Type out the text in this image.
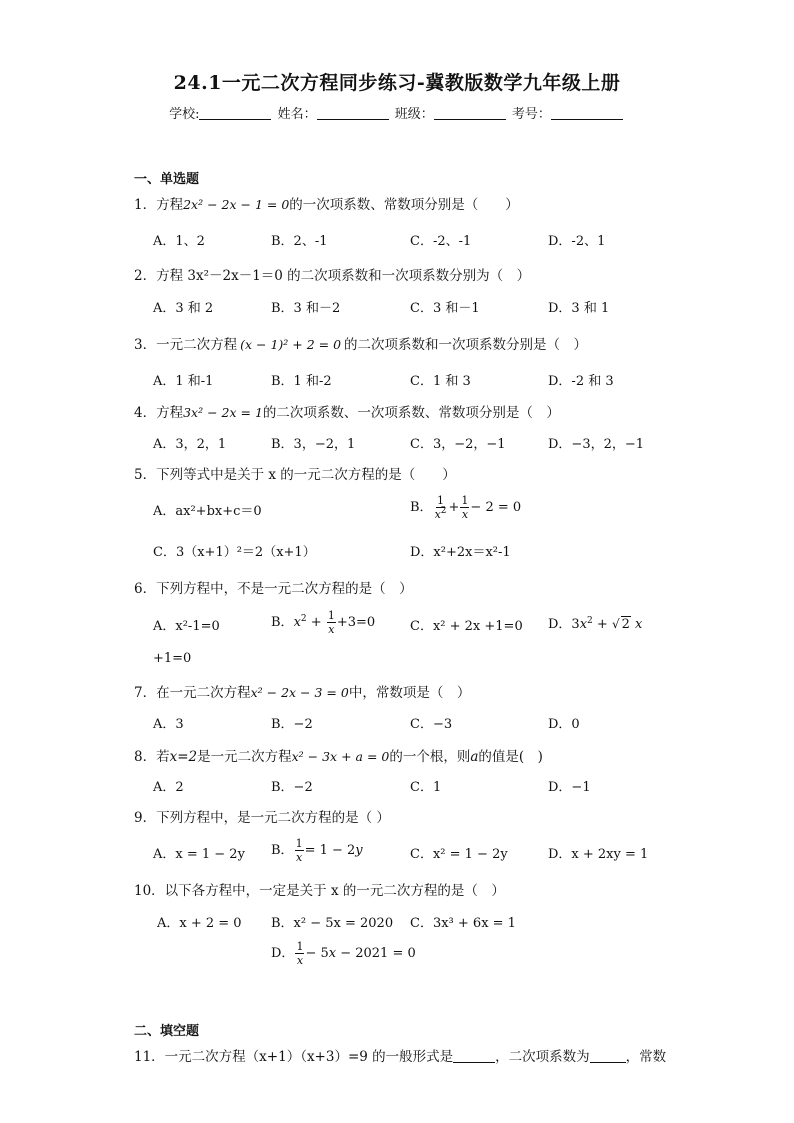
24.1一元二次方程同步练习-冀教版数学九年级上册
学校:	姓名：	班级：	考号：
一、单选题
1．方程2x² − 2x − 1 = 0的一次项系数、常数项分别是（　　）
A．1、2	B．2、-1	C．-2、-1	D．-2、1
2．方程 3x²－2x－1＝0 的二次项系数和一次项系数分别为（　）
A．3 和 2	B．3 和－2	C．3 和－1	D．3 和 1
3．一元二次方程 (x − 1)² + 2 = 0 的二次项系数和一次项系数分别是（　）
A．1 和-1	B．1 和-2	C．1 和 3	D．-2 和 3
4．方程3x² − 2x = 1的二次项系数、一次项系数、常数项分别是（　）
A．3，2，1	B．3，−2，1	C．3，−2，−1	D．−3，2，−1
5．下列等式中是关于 x 的一元二次方程的是（　　）
A．ax²+bx+c＝0	B． $\frac{1}{x^2} + \frac{1}{x} - 2 = 0$
C．3（x+1）²＝2（x+1）	D．x²+2x＝x²-1
6．下列方程中，不是一元二次方程的是（　）
A．x²-1=0	B．$x^2 + \frac{1}{x} +3=0$	C．x² + 2x +1=0 D．$3x^2$ + √ 2 x
+1=0
7．在一元二次方程x² − 2x − 3 = 0中，常数项是（　）
A．3	B．−2	C．−3	D．0
8．若x=2是一元二次方程x² − 3x + a = 0的一个根，则a的值是(　)
A．2	B．−2	C．1	D．−1
9．下列方程中，是一元二次方程的是（ ）
A．x = 1 − 2y B． $\frac{1}{x} = 1 - 2y$	C．x² = 1 − 2y	D．x + 2xy = 1
10．以下各方程中，一定是关于 x 的一元二次方程的是（　）
A．x + 2 = 0 B．x² − 5x = 2020 C．3x³ + 6x = 1
D． $\frac{1}{x} - 5x - 2021 = 0$
二、填空题
11．一元二次方程（x+1）（x+3）=9 的一般形式是	，二次项系数为	，常数
